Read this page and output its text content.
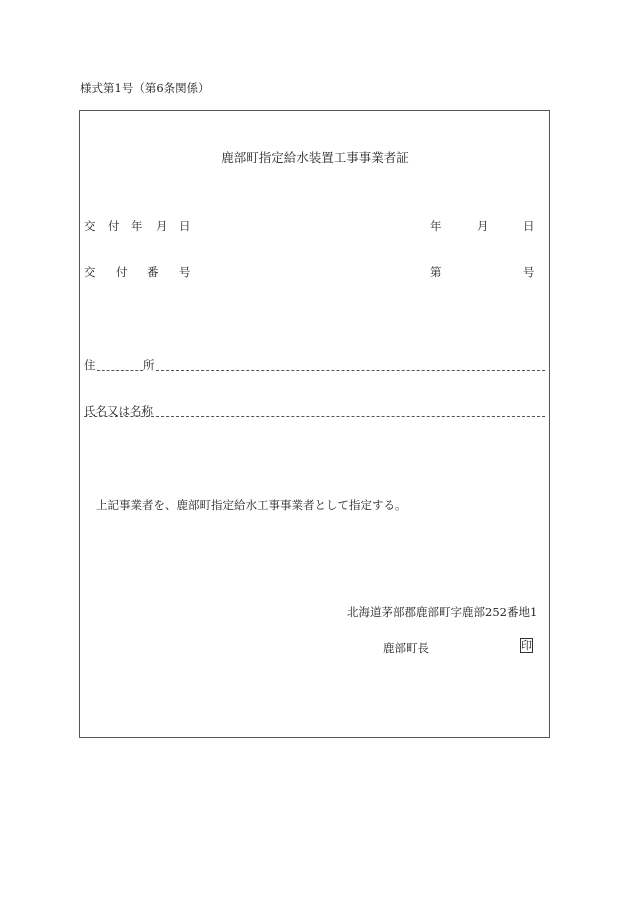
様式第1号（第6条関係）
鹿部町指定給水装置工事事業者証
交 付 年 月 日	年	月	日
交 付 番 号	第	号
住	所
氏名又は名称
上記事業者を、鹿部町指定給水工事事業者として指定する。
北海道茅部郡鹿部町字鹿部252番地1
鹿部町長	印
